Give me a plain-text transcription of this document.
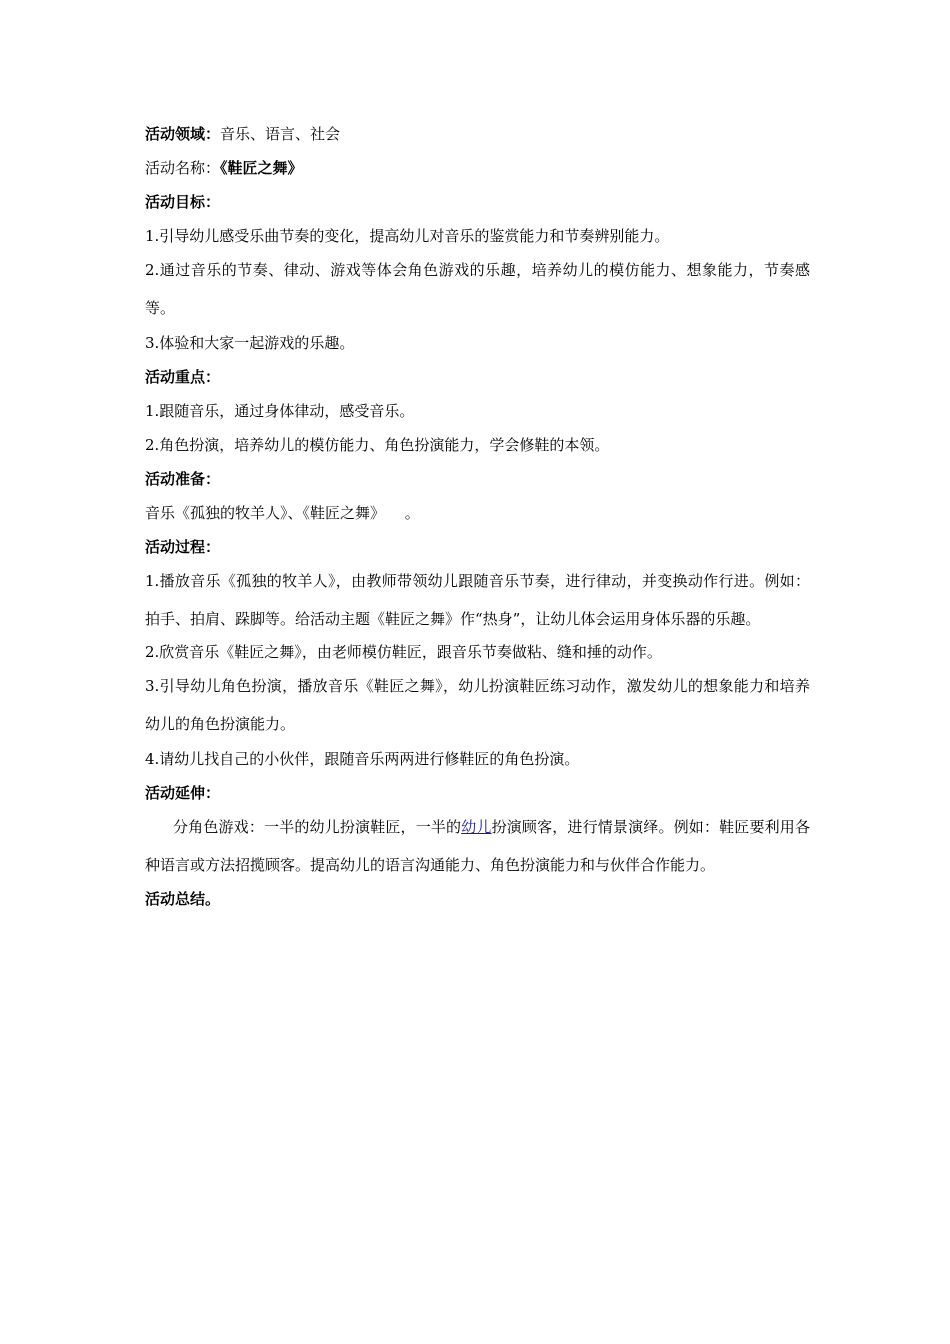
活动领域：音乐、语言、社会

活动名称：《鞋匠之舞》

活动目标：

1.引导幼儿感受乐曲节奏的变化，提高幼儿对音乐的鉴赏能力和节奏辨别能力。

2.通过音乐的节奏、律动、游戏等体会角色游戏的乐趣，培养幼儿的模仿能力、想象能力，节奏感等。

3.体验和大家一起游戏的乐趣。

活动重点：

1.跟随音乐，通过身体律动，感受音乐。

2.角色扮演，培养幼儿的模仿能力、角色扮演能力，学会修鞋的本领。

活动准备：

音乐《孤独的牧羊人》、《鞋匠之舞》 　。

活动过程：

1.播放音乐《孤独的牧羊人》，由教师带领幼儿跟随音乐节奏，进行律动，并变换动作行进。例如：拍手、拍肩、跺脚等。给活动主题《鞋匠之舞》作“热身”，让幼儿体会运用身体乐器的乐趣。

2.欣赏音乐《鞋匠之舞》，由老师模仿鞋匠，跟音乐节奏做粘、缝和捶的动作。

3.引导幼儿角色扮演，播放音乐《鞋匠之舞》，幼儿扮演鞋匠练习动作，激发幼儿的想象能力和培养幼儿的角色扮演能力。

4.请幼儿找自己的小伙伴，跟随音乐两两进行修鞋匠的角色扮演。

活动延伸：

分角色游戏：一半的幼儿扮演鞋匠，一半的幼儿扮演顾客，进行情景演绎。例如：鞋匠要利用各种语言或方法招揽顾客。提高幼儿的语言沟通能力、角色扮演能力和与伙伴合作能力。

活动总结。
